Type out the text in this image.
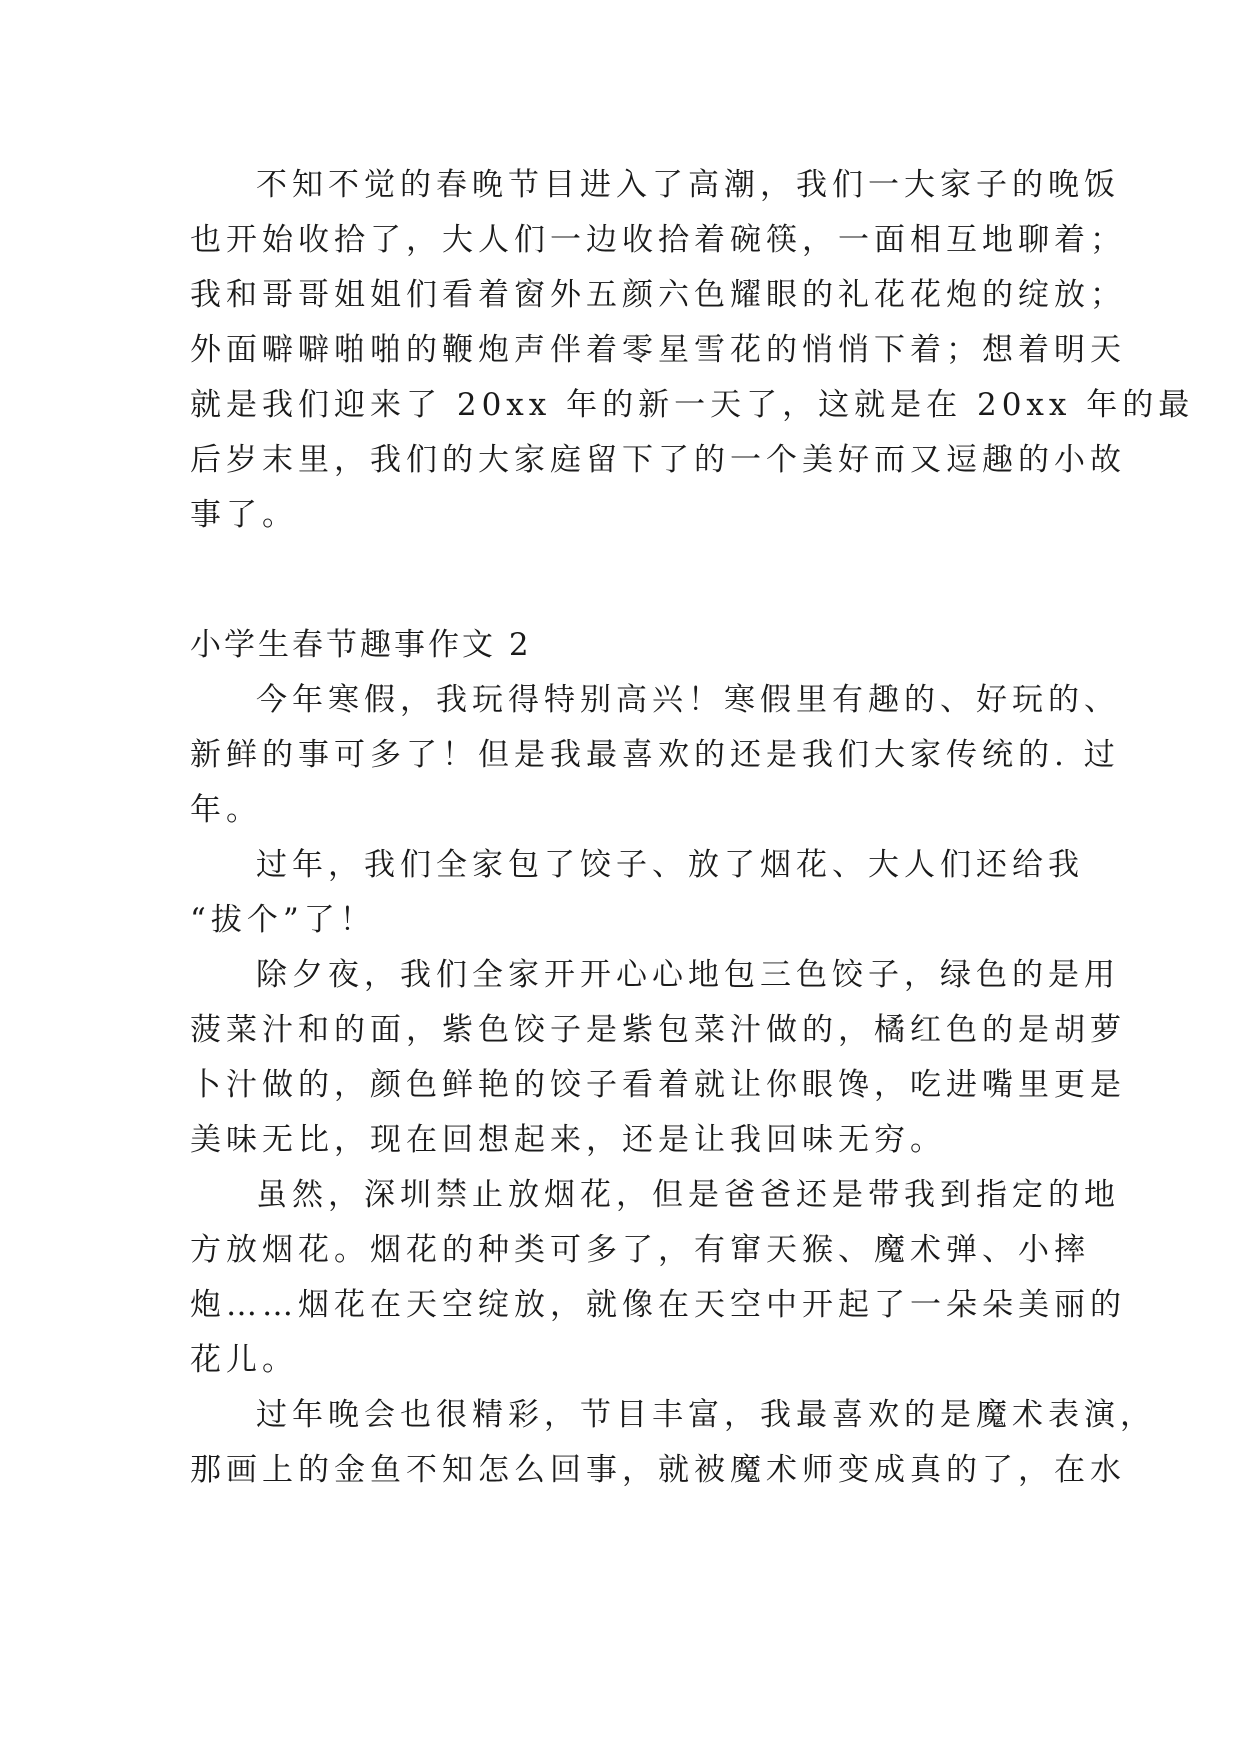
不知不觉的春晚节目进入了高潮，我们一大家子的晚饭
也开始收拾了，大人们一边收拾着碗筷，一面相互地聊着；
我和哥哥姐姐们看着窗外五颜六色耀眼的礼花花炮的绽放；
外面噼噼啪啪的鞭炮声伴着零星雪花的悄悄下着；想着明天
就是我们迎来了 20xx 年的新一天了，这就是在 20xx 年的最
后岁末里，我们的大家庭留下了的一个美好而又逗趣的小故
事了。
小学生春节趣事作文 2
今年寒假，我玩得特别高兴！寒假里有趣的、好玩的、
新鲜的事可多了！但是我最喜欢的还是我们大家传统的. 过
年。
过年，我们全家包了饺子、放了烟花、大人们还给我
“拔个”了！
除夕夜，我们全家开开心心地包三色饺子，绿色的是用
菠菜汁和的面，紫色饺子是紫包菜汁做的，橘红色的是胡萝
卜汁做的，颜色鲜艳的饺子看着就让你眼馋，吃进嘴里更是
美味无比，现在回想起来，还是让我回味无穷。
虽然，深圳禁止放烟花，但是爸爸还是带我到指定的地
方放烟花。烟花的种类可多了，有窜天猴、魔术弹、小摔
炮……烟花在天空绽放，就像在天空中开起了一朵朵美丽的
花儿。
过年晚会也很精彩，节目丰富，我最喜欢的是魔术表演，
那画上的金鱼不知怎么回事，就被魔术师变成真的了，在水
